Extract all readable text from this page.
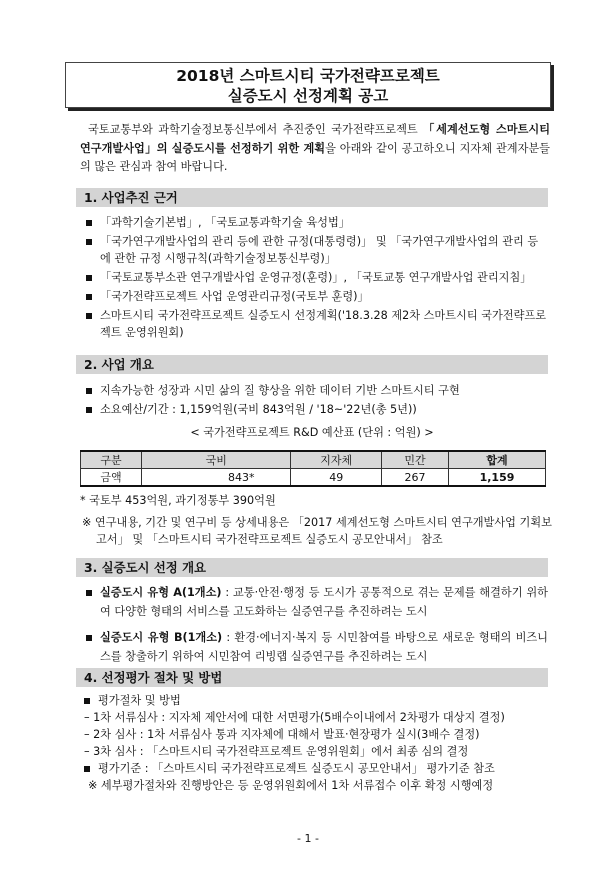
2018년 스마트시티 국가전략프로젝트
실증도시 선정계획 공고
국토교통부와 과학기술정보통신부에서 추진중인 국가전략프로젝트 「세계선도형 스마트시티 연구개발사업」의 실증도시를 선정하기 위한 계획을 아래와 같이 공고하오니 지자체 관계자분들의 많은 관심과 참여 바랍니다.
1. 사업추진 근거
「과학기술기본법」, 「국토교통과학기술 육성법」
「국가연구개발사업의 관리 등에 관한 규정(대통령령)」 및 「국가연구개발사업의 관리 등에 관한 규정 시행규칙(과학기술정보통신부령)」
「국토교통부소관 연구개발사업 운영규정(훈령)」, 「국토교통 연구개발사업 관리지침」
「국가전략프로젝트 사업 운영관리규정(국토부 훈령)」
스마트시티 국가전략프로젝트 실증도시 선정계획('18.3.28 제2차 스마트시티 국가전략프로젝트 운영위원회)
2. 사업 개요
지속가능한 성장과 시민 삶의 질 향상을 위한 데이터 기반 스마트시티 구현
소요예산/기간 : 1,159억원(국비 843억원 / '18~'22년(총 5년))
< 국가전략프로젝트 R&D 예산표 (단위 : 억원) >
구분	국비	지자체	민간	합계
금액	843*	49	267	1,159
* 국토부 453억원, 과기정통부 390억원
※ 연구내용, 기간 및 연구비 등 상세내용은 「2017 세계선도형 스마트시티 연구개발사업 기획보고서」 및 「스마트시티 국가전략프로젝트 실증도시 공모안내서」 참조
3. 실증도시 선정 개요
실증도시 유형 A(1개소) : 교통·안전·행정 등 도시가 공통적으로 겪는 문제를 해결하기 위하여 다양한 형태의 서비스를 고도화하는 실증연구를 추진하려는 도시
실증도시 유형 B(1개소) : 환경·에너지·복지 등 시민참여를 바탕으로 새로운 형태의 비즈니스를 창출하기 위하여 시민참여 리빙랩 실증연구를 추진하려는 도시
4. 선정평가 절차 및 방법
평가절차 및 방법
– 1차 서류심사 : 지자체 제안서에 대한 서면평가(5배수이내에서 2차평가 대상지 결정)
– 2차 심사 : 1차 서류심사 통과 지자체에 대해서 발표·현장평가 실시(3배수 결정)
– 3차 심사 : 「스마트시티 국가전략프로젝트 운영위원회」에서 최종 심의 결정
평가기준 : 「스마트시티 국가전략프로젝트 실증도시 공모안내서」 평가기준 참조
※ 세부평가절차와 진행방안은 등 운영위원회에서 1차 서류접수 이후 확정 시행예정
- 1 -
